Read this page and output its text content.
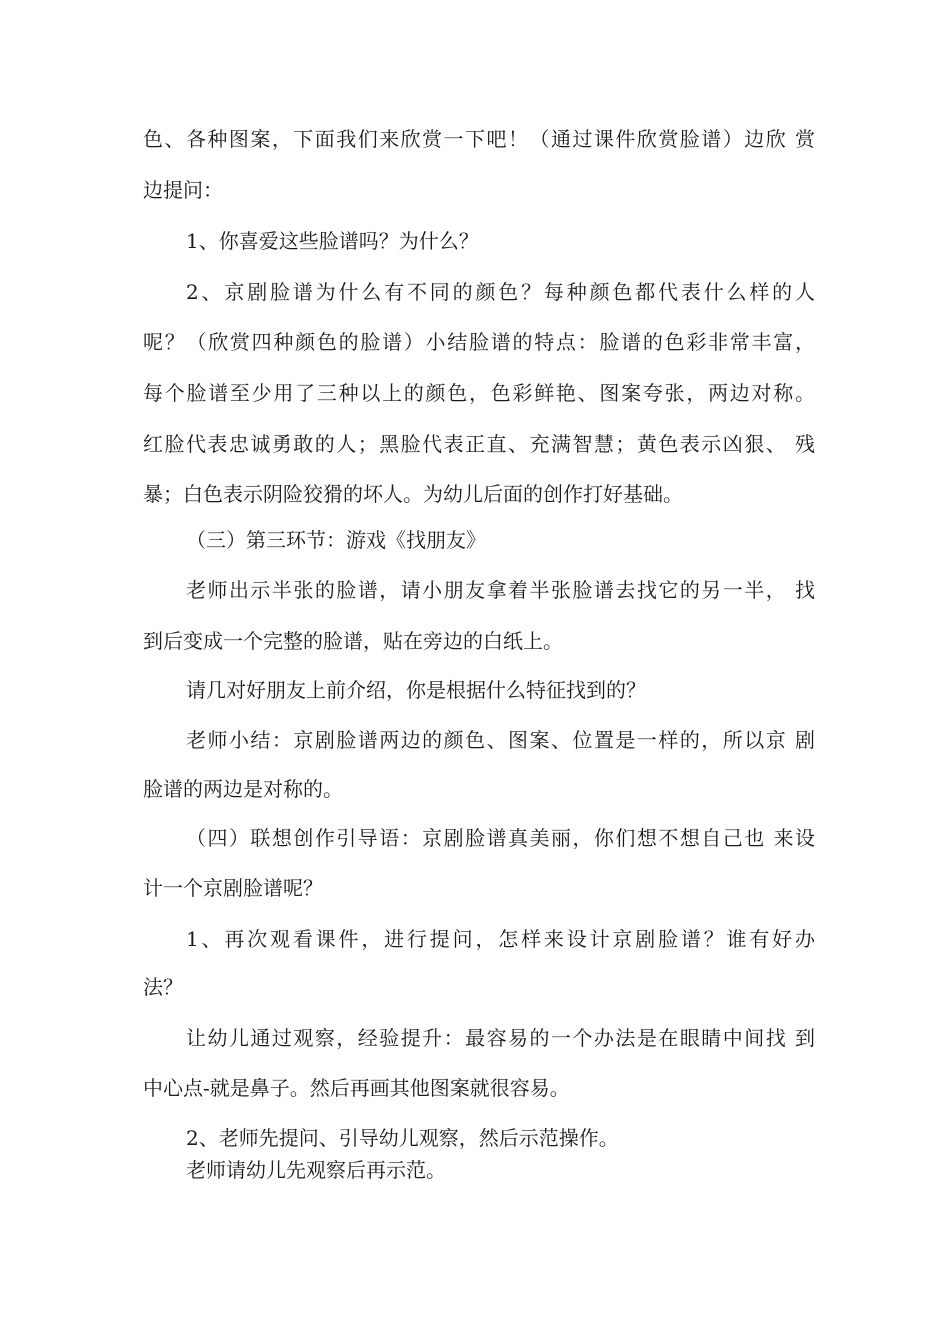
色、各种图案，下面我们来欣赏一下吧！（通过课件欣赏脸谱）边欣 赏
边提问：
1、你喜爱这些脸谱吗？为什么？
2、京剧脸谱为什么有不同的颜色？每种颜色都代表什么样的人
呢？（欣赏四种颜色的脸谱）小结脸谱的特点：脸谱的色彩非常丰富，
每个脸谱至少用了三种以上的颜色，色彩鲜艳、图案夸张，两边对称。
红脸代表忠诚勇敢的人；黑脸代表正直、充满智慧；黄色表示凶狠、 残
暴；白色表示阴险狡猾的坏人。为幼儿后面的创作打好基础。
（三）第三环节：游戏《找朋友》
老师出示半张的脸谱，请小朋友拿着半张脸谱去找它的另一半， 找
到后变成一个完整的脸谱，贴在旁边的白纸上。
请几对好朋友上前介绍，你是根据什么特征找到的？
老师小结：京剧脸谱两边的颜色、图案、位置是一样的，所以京 剧
脸谱的两边是对称的。
（四）联想创作引导语：京剧脸谱真美丽，你们想不想自己也 来设
计一个京剧脸谱呢？
1、再次观看课件，进行提问，怎样来设计京剧脸谱？谁有好办
法？
让幼儿通过观察，经验提升：最容易的一个办法是在眼睛中间找 到
中心点-就是鼻子。然后再画其他图案就很容易。
2、老师先提问、引导幼儿观察，然后示范操作。
老师请幼儿先观察后再示范。
